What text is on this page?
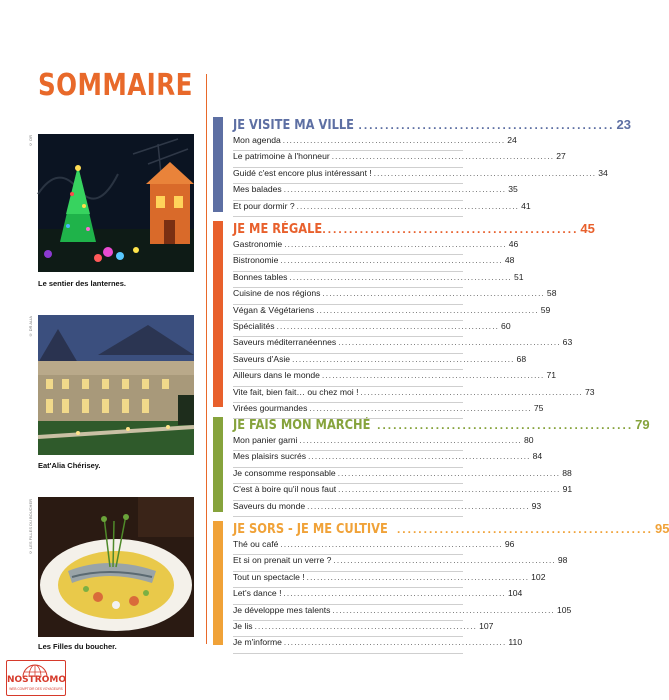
SOMMAIRE
© DR
Le sentier des lanternes.
© DR ALIA
Eat'Alia Chérisey.
© LES FILLES DU BOUCHER
Les Filles du boucher.
JE VISITE MA VILLE ................................................ 23
Mon agenda ................................................................. 24
Le patrimoine à l'honneur ................................................................. 27
Guidé c'est encore plus intéressant ! ................................................................. 34
Mes balades ................................................................. 35
Et pour dormir ? ................................................................. 41
JE ME RÉGALE ................................................ 45
Gastronomie ................................................................. 46
Bistronomie ................................................................. 48
Bonnes tables ................................................................. 51
Cuisine de nos régions ................................................................. 58
Végan & Végétariens ................................................................. 59
Spécialités ................................................................. 60
Saveurs méditerranéennes ................................................................. 63
Saveurs d'Asie ................................................................. 68
Ailleurs dans le monde ................................................................. 71
Vite fait, bien fait… ou chez moi ! ................................................................. 73
Virées gourmandes ................................................................. 75
JE FAIS MON MARCHÉ ................................................ 79
Mon panier garni ................................................................. 80
Mes plaisirs sucrés ................................................................. 84
Je consomme responsable ................................................................. 88
C'est à boire qu'il nous faut ................................................................. 91
Saveurs du monde ................................................................. 93
JE SORS - JE ME CULTIVE ................................................ 95
Thé ou café ................................................................. 96
Et si on prenait un verre ? ................................................................. 98
Tout un spectacle ! ................................................................. 102
Let's dance ! ................................................................. 104
Je développe mes talents ................................................................. 105
Je lis ................................................................. 107
Je m'informe ................................................................. 110
NOSTROMO
WEB COMPTOIR DES VOYAGEURS
